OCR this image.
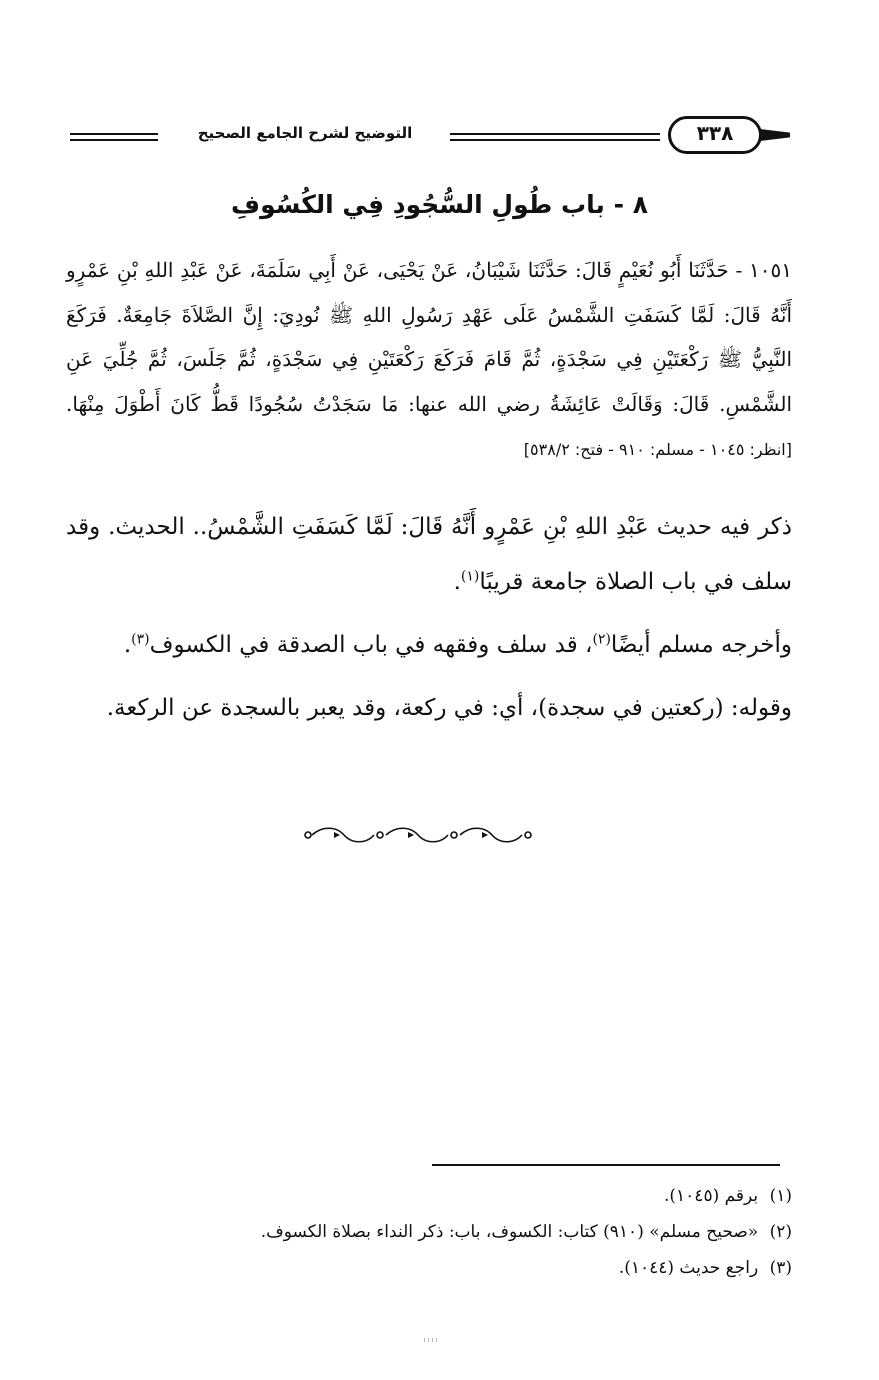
التوضيح لشرح الجامع الصحيح	٣٣٨
٨ - باب طُولِ السُّجُودِ فِي الكُسُوفِ
١٠٥١ - حَدَّثَنَا أَبُو نُعَيْمٍ قَالَ: حَدَّثَنَا شَيْبَانُ، عَنْ يَحْيَى، عَنْ أَبِي سَلَمَةَ، عَنْ عَبْدِ اللهِ بْنِ عَمْرٍو أَنَّهُ قَالَ: لَمَّا كَسَفَتِ الشَّمْسُ عَلَى عَهْدِ رَسُولِ اللهِ ﷺ نُودِيَ: إِنَّ الصَّلاَةَ جَامِعَةٌ. فَرَكَعَ النَّبِيُّ ﷺ رَكْعَتَيْنِ فِي سَجْدَةٍ، ثُمَّ قَامَ فَرَكَعَ رَكْعَتَيْنِ فِي سَجْدَةٍ، ثُمَّ جَلَسَ، ثُمَّ جُلِّيَ عَنِ الشَّمْسِ. قَالَ: وَقَالَتْ عَائِشَةُ رضي الله عنها: مَا سَجَدْتُ سُجُودًا قَطُّ كَانَ أَطْوَلَ مِنْهَا. [انظر: ١٠٤٥ - مسلم: ٩١٠ - فتح: ٥٣٨/٢]

ذكر فيه حديث عَبْدِ اللهِ بْنِ عَمْرٍو أَنَّهُ قَالَ: لَمَّا كَسَفَتِ الشَّمْسُ.. الحديث. وقد سلف في باب الصلاة جامعة قريبًا$^{(١)}$.

وأخرجه مسلم أيضًا$^{(٢)}$، قد سلف وفقهه في باب الصدقة في الكسوف$^{(٣)}$.

وقوله: (ركعتين في سجدة)، أي: في ركعة، وقد يعبر بالسجدة عن الركعة.

(١) برقم (١٠٤٥).
(٢) «صحيح مسلم» (٩١٠) كتاب: الكسوف، باب: ذكر النداء بصلاة الكسوف.
(٣) راجع حديث (١٠٤٤).
